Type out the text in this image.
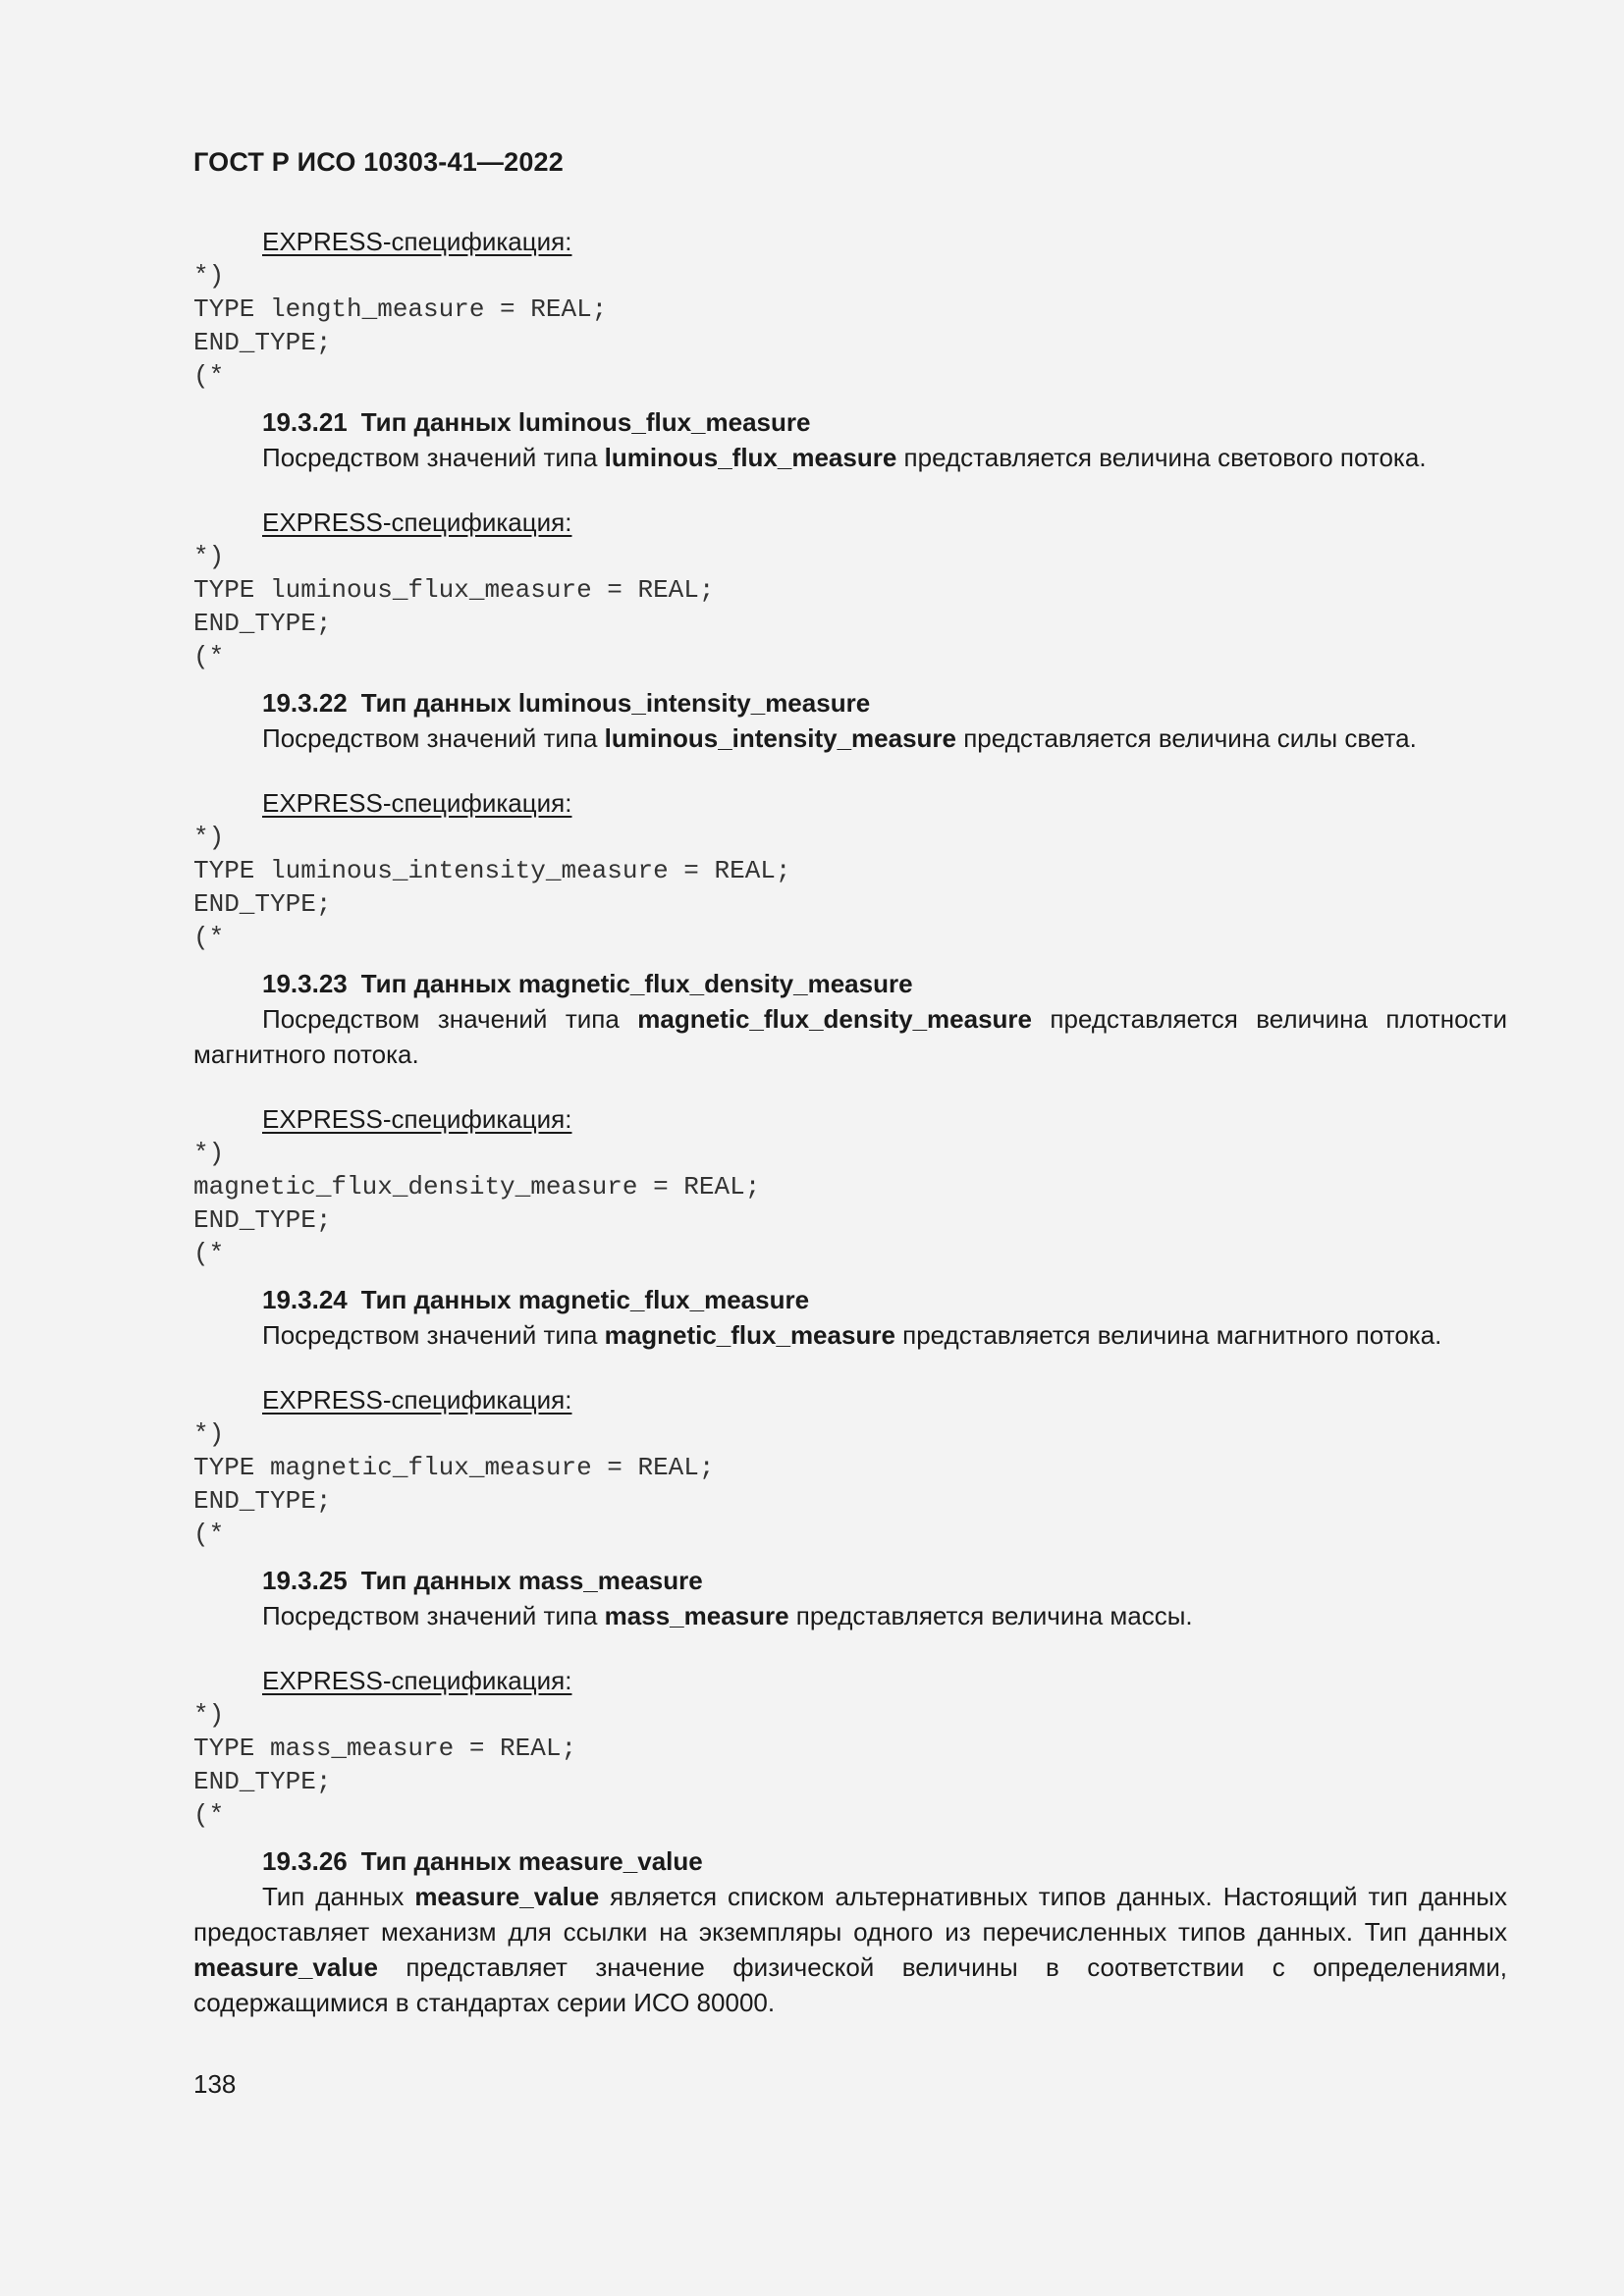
ГОСТ Р ИСО 10303-41—2022

EXPRESS-спецификация:

*)
TYPE length_measure = REAL;
END_TYPE;
(*

19.3.21 Тип данных luminous_flux_measure

Посредством значений типа luminous_flux_measure представляется величина светового потока.

EXPRESS-спецификация:

*)
TYPE luminous_flux_measure = REAL;
END_TYPE;
(*

19.3.22 Тип данных luminous_intensity_measure

Посредством значений типа luminous_intensity_measure представляется величина силы света.

EXPRESS-спецификация:

*)
TYPE luminous_intensity_measure = REAL;
END_TYPE;
(*

19.3.23 Тип данных magnetic_flux_density_measure

Посредством значений типа magnetic_flux_density_measure представляется величина плотности магнитного потока.

EXPRESS-спецификация:

*)
magnetic_flux_density_measure = REAL;
END_TYPE;
(*

19.3.24 Тип данных magnetic_flux_measure

Посредством значений типа magnetic_flux_measure представляется величина магнитного потока.

EXPRESS-спецификация:

*)
TYPE magnetic_flux_measure = REAL;
END_TYPE;
(*

19.3.25 Тип данных mass_measure

Посредством значений типа mass_measure представляется величина массы.

EXPRESS-спецификация:

*)
TYPE mass_measure = REAL;
END_TYPE;
(*

19.3.26 Тип данных measure_value

Тип данных measure_value является списком альтернативных типов данных. Настоящий тип данных предоставляет механизм для ссылки на экземпляры одного из перечисленных типов данных. Тип данных measure_value представляет значение физической величины в соответствии с определениями, содержащимися в стандартах серии ИСО 80000.

138
